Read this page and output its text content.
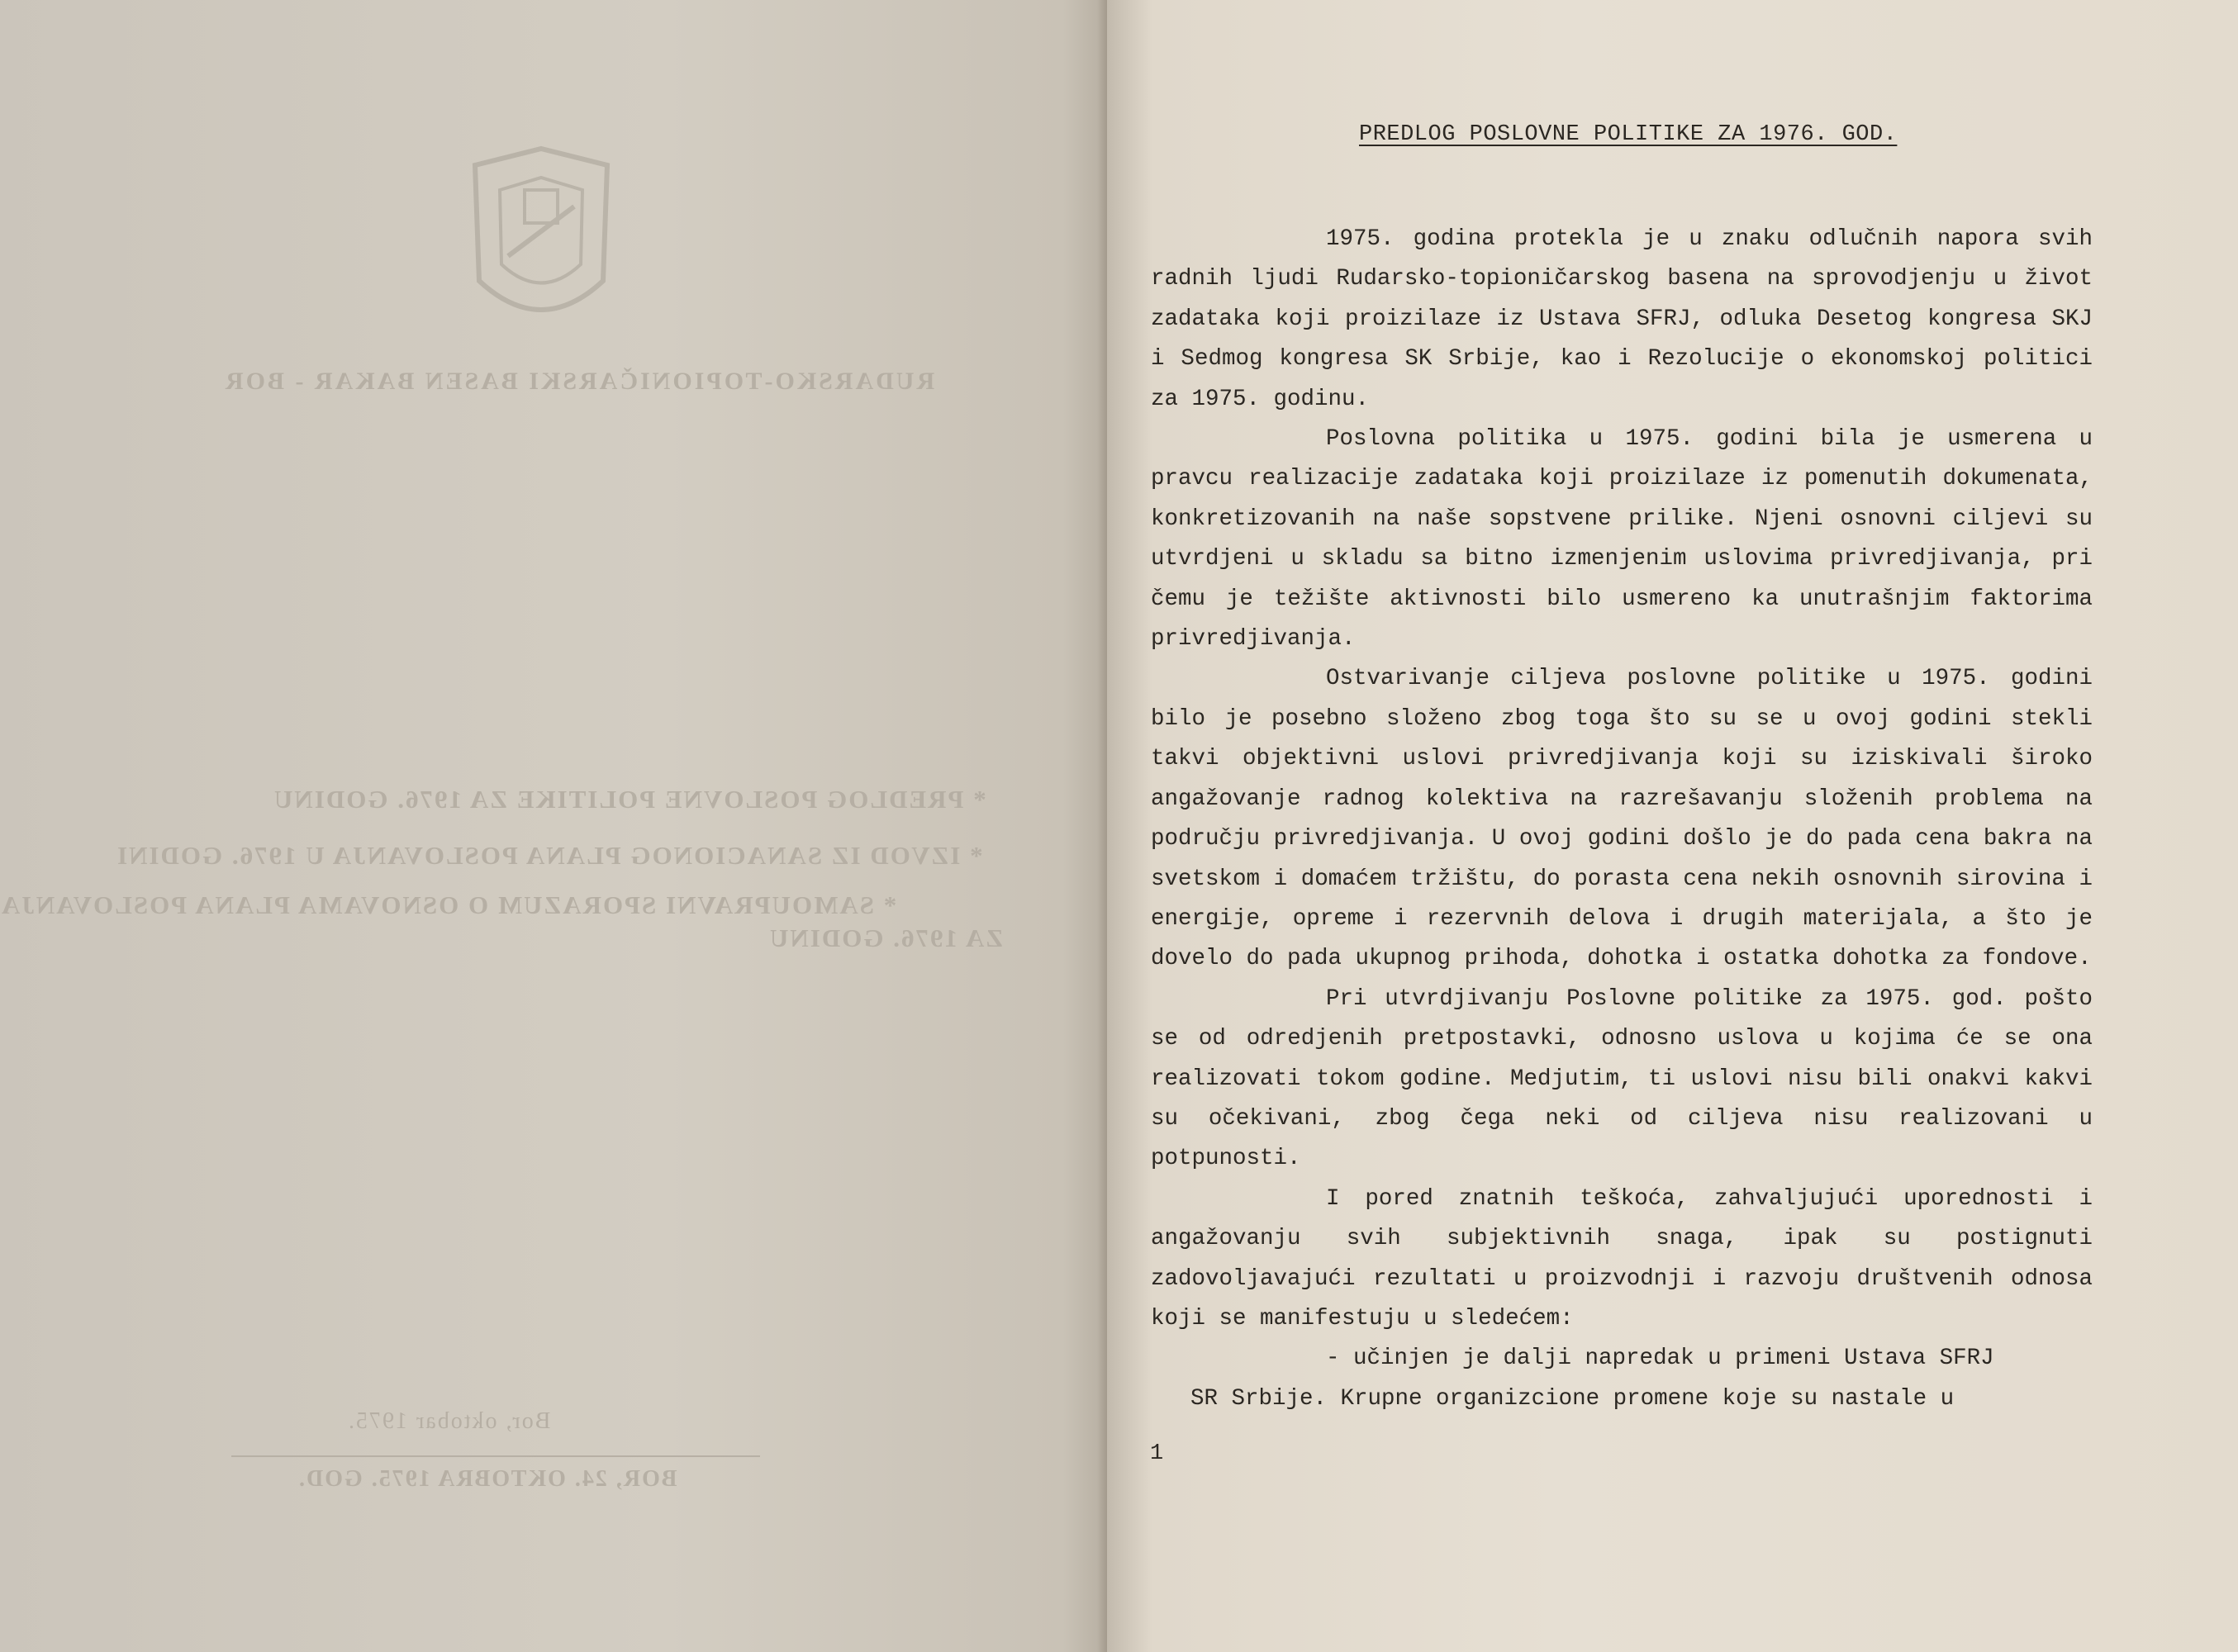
RUDARSKO-TOPIONIČARSKI BASEN BAKAR - BOR
* PREDLOG POSLOVNE POLITIKE ZA 1976. GODINU
* IZVOD IZ SANACIONOG PLANA POSLOVANJA U 1976. GODINI
* SAMOUPRAVNI SPORAZUM O OSNOVAMA PLANA POSLOVANJA
ZA 1976. GODINU
Bor, oktobar 1975.
BOR, 24. OKTOBRA 1975. GOD.
PREDLOG POSLOVNE POLITIKE ZA 1976. GOD.

1975. godina protekla je u znaku odlučnih napora svih radnih ljudi Rudarsko-topioničarskog basena na sprovodjenju u život zadataka koji proizilaze iz Ustava SFRJ, odluka Desetog kongresa SKJ i Sedmog kongresa SK Srbije, kao i Rezolucije o ekonomskoj politici za 1975. godinu.

Poslovna politika u 1975. godini bila je usmerena u pravcu realizacije zadataka koji proizilaze iz pomenutih dokumenata, konkretizovanih na naše sopstvene prilike. Njeni osnovni ciljevi su utvrdjeni u skladu sa bitno izmenjenim uslovima privredjivanja, pri čemu je težište aktivnosti bilo usmereno ka unutrašnjim faktorima privredjivanja.

Ostvarivanje ciljeva poslovne politike u 1975. godini bilo je posebno složeno zbog toga što su se u ovoj godini stekli takvi objektivni uslovi privredjivanja koji su iziskivali široko angažovanje radnog kolektiva na razrešavanju složenih problema na području privredjivanja. U ovoj godini došlo je do pada cena bakra na svetskom i domaćem tržištu, do porasta cena nekih osnovnih sirovina i energije, opreme i rezervnih delova i drugih materijala, a što je dovelo do pada ukupnog prihoda, dohotka i ostatka dohotka za fondove.

Pri utvrdjivanju Poslovne politike za 1975. god. pošto se od odredjenih pretpostavki, odnosno uslova u kojima će se ona realizovati tokom godine. Medjutim, ti uslovi nisu bili onakvi kakvi su očekivani, zbog čega neki od ciljeva nisu realizovani u potpunosti.

I pored znatnih teškoća, zahvaljujući uporednosti i angažovanju svih subjektivnih snaga, ipak su postignuti zadovoljavajući rezultati u proizvodnji i razvoju društvenih odnosa koji se manifestuju u sledećem:

- učinjen je dalji napredak u primeni Ustava SFRJ

SR Srbije. Krupne organizcione promene koje su nastale u

1
